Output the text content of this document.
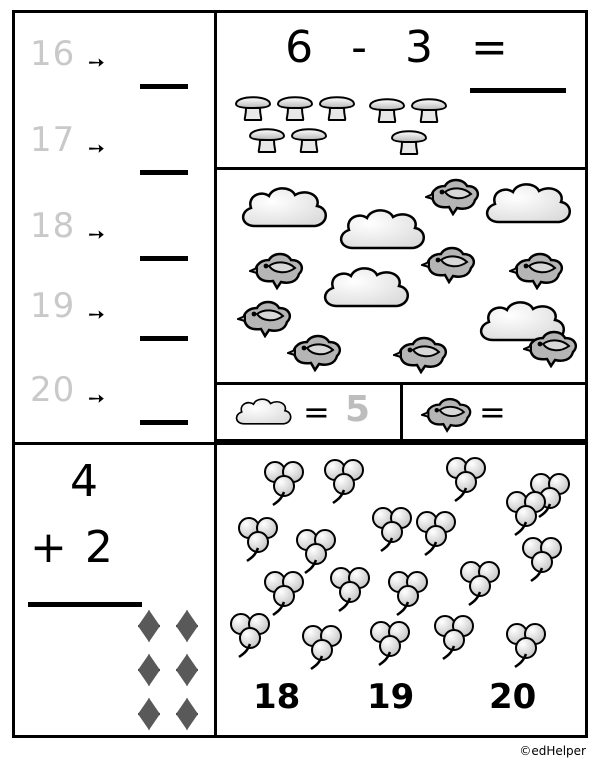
16 ➙
17 ➙
18 ➙
19 ➙
20 ➙
6 - 3 =
= 5	=
4
+2
18 19 20
©edHelper
